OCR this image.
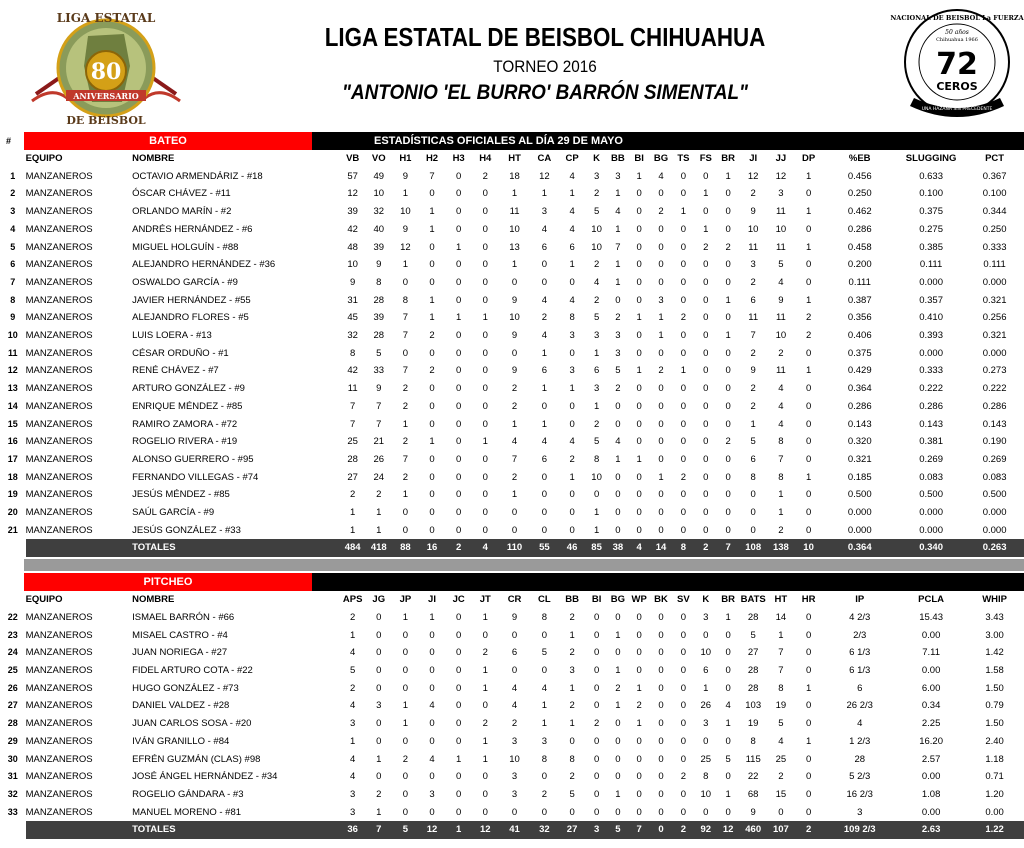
80
LIGA ESTATAL
ANIVERSARIO
DE BEISBOL
LIGA ESTATAL DE BEISBOL CHIHUAHUA
TORNEO 2016
"ANTONIO 'EL BURRO' BARRÓN SIMENTAL"
NACIONAL DE BEISBOL La FUERZA
50 años
Chihuahua 1966
72
CEROS
UNA HAZAÑA SIN PRECEDENTE
#	BATEO	ESTADÍSTICAS OFICIALES AL DÍA 29 DE MAYO
	EQUIPO	NOMBRE	VB	VO	H1	H2	H3	H4	HT	CA	CP	K	BB	BI	BG	TS	FS	BR	JI	JJ	DP	%EB	SLUGGING	PCT
1	MANZANEROS	OCTAVIO ARMENDÁRIZ - #18	57	49	9	7	0	2	18	12	4	3	3	1	4	0	0	1	12	12	1	0.456	0.633	0.367
2	MANZANEROS	ÓSCAR CHÁVEZ - #11	12	10	1	0	0	0	1	1	1	2	1	0	0	0	1	0	2	3	0	0.250	0.100	0.100
3	MANZANEROS	ORLANDO MARÍN - #2	39	32	10	1	0	0	11	3	4	5	4	0	2	1	0	0	9	11	1	0.462	0.375	0.344
4	MANZANEROS	ANDRÉS HERNÁNDEZ - #6	42	40	9	1	0	0	10	4	4	10	1	0	0	0	1	0	10	10	0	0.286	0.275	0.250
5	MANZANEROS	MIGUEL HOLGUÍN - #88	48	39	12	0	1	0	13	6	6	10	7	0	0	0	2	2	11	11	1	0.458	0.385	0.333
6	MANZANEROS	ALEJANDRO HERNÁNDEZ - #36	10	9	1	0	0	0	1	0	1	2	1	0	0	0	0	0	3	5	0	0.200	0.111	0.111
7	MANZANEROS	OSWALDO GARCÍA - #9	9	8	0	0	0	0	0	0	0	4	1	0	0	0	0	0	2	4	0	0.111	0.000	0.000
8	MANZANEROS	JAVIER HERNÁNDEZ - #55	31	28	8	1	0	0	9	4	4	2	0	0	3	0	0	1	6	9	1	0.387	0.357	0.321
9	MANZANEROS	ALEJANDRO FLORES - #5	45	39	7	1	1	1	10	2	8	5	2	1	1	2	0	0	11	11	2	0.356	0.410	0.256
10	MANZANEROS	LUIS LOERA - #13	32	28	7	2	0	0	9	4	3	3	3	0	1	0	0	1	7	10	2	0.406	0.393	0.321
11	MANZANEROS	CÉSAR ORDUÑO - #1	8	5	0	0	0	0	0	1	0	1	3	0	0	0	0	0	2	2	0	0.375	0.000	0.000
12	MANZANEROS	RENÉ CHÁVEZ - #7	42	33	7	2	0	0	9	6	3	6	5	1	2	1	0	0	9	11	1	0.429	0.333	0.273
13	MANZANEROS	ARTURO GONZÁLEZ - #9	11	9	2	0	0	0	2	1	1	3	2	0	0	0	0	0	2	4	0	0.364	0.222	0.222
14	MANZANEROS	ENRIQUE MÉNDEZ - #85	7	7	2	0	0	0	2	0	0	1	0	0	0	0	0	0	2	4	0	0.286	0.286	0.286
15	MANZANEROS	RAMIRO ZAMORA - #72	7	7	1	0	0	0	1	1	0	2	0	0	0	0	0	0	1	4	0	0.143	0.143	0.143
16	MANZANEROS	ROGELIO RIVERA - #19	25	21	2	1	0	1	4	4	4	5	4	0	0	0	0	2	5	8	0	0.320	0.381	0.190
17	MANZANEROS	ALONSO GUERRERO - #95	28	26	7	0	0	0	7	6	2	8	1	1	0	0	0	0	6	7	0	0.321	0.269	0.269
18	MANZANEROS	FERNANDO VILLEGAS - #74	27	24	2	0	0	0	2	0	1	10	0	0	1	2	0	0	8	8	1	0.185	0.083	0.083
19	MANZANEROS	JESÚS MÉNDEZ - #85	2	2	1	0	0	0	1	0	0	0	0	0	0	0	0	0	0	1	0	0.500	0.500	0.500
20	MANZANEROS	SAÚL GARCÍA - #9	1	1	0	0	0	0	0	0	0	1	0	0	0	0	0	0	0	1	0	0.000	0.000	0.000
21	MANZANEROS	JESÚS GONZÁLEZ - #33	1	1	0	0	0	0	0	0	0	1	0	0	0	0	0	0	0	2	0	0.000	0.000	0.000
		TOTALES	484	418	88	16	2	4	110	55	46	85	38	4	14	8	2	7	108	138	10	0.364	0.340	0.263
PITCHEO
	EQUIPO	NOMBRE	APS	JG	JP	JI	JC	JT	CR	CL	BB	BI	BG	WP	BK	SV	K	BR	BATS	HT	HR	IP	PCLA	WHIP
22	MANZANEROS	ISMAEL BARRÓN - #66	2	0	1	1	0	1	9	8	2	0	0	0	0	0	3	1	28	14	0	4 2/3	15.43	3.43
23	MANZANEROS	MISAEL CASTRO - #4	1	0	0	0	0	0	0	0	1	0	1	0	0	0	0	0	5	1	0	2/3	0.00	3.00
24	MANZANEROS	JUAN NORIEGA - #27	4	0	0	0	0	2	6	5	2	0	0	0	0	0	10	0	27	7	0	6 1/3	7.11	1.42
25	MANZANEROS	FIDEL ARTURO COTA - #22	5	0	0	0	0	1	0	0	3	0	1	0	0	0	6	0	28	7	0	6 1/3	0.00	1.58
26	MANZANEROS	HUGO GONZÁLEZ - #73	2	0	0	0	0	1	4	4	1	0	2	1	0	0	1	0	28	8	1	6	6.00	1.50
27	MANZANEROS	DANIEL VALDEZ - #28	4	3	1	4	0	0	4	1	2	0	1	2	0	0	26	4	103	19	0	26 2/3	0.34	0.79
28	MANZANEROS	JUAN CARLOS SOSA - #20	3	0	1	0	0	2	2	1	1	2	0	1	0	0	3	1	19	5	0	4	2.25	1.50
29	MANZANEROS	IVÁN GRANILLO - #84	1	0	0	0	0	1	3	3	0	0	0	0	0	0	0	0	8	4	1	1 2/3	16.20	2.40
30	MANZANEROS	EFRÉN GUZMÁN (CLAS) #98	4	1	2	4	1	1	10	8	8	0	0	0	0	0	25	5	115	25	0	28	2.57	1.18
31	MANZANEROS	JOSÉ ÁNGEL HERNÁNDEZ - #34	4	0	0	0	0	0	3	0	2	0	0	0	0	2	8	0	22	2	0	5 2/3	0.00	0.71
32	MANZANEROS	ROGELIO GÁNDARA - #3	3	2	0	3	0	0	3	2	5	0	1	0	0	0	10	1	68	15	0	16 2/3	1.08	1.20
33	MANZANEROS	MANUEL MORENO - #81	3	1	0	0	0	0	0	0	0	0	0	0	0	0	0	0	9	0	0	3	0.00	0.00
		TOTALES	36	7	5	12	1	12	41	32	27	3	5	7	0	2	92	12	460	107	2	109 2/3	2.63	1.22
